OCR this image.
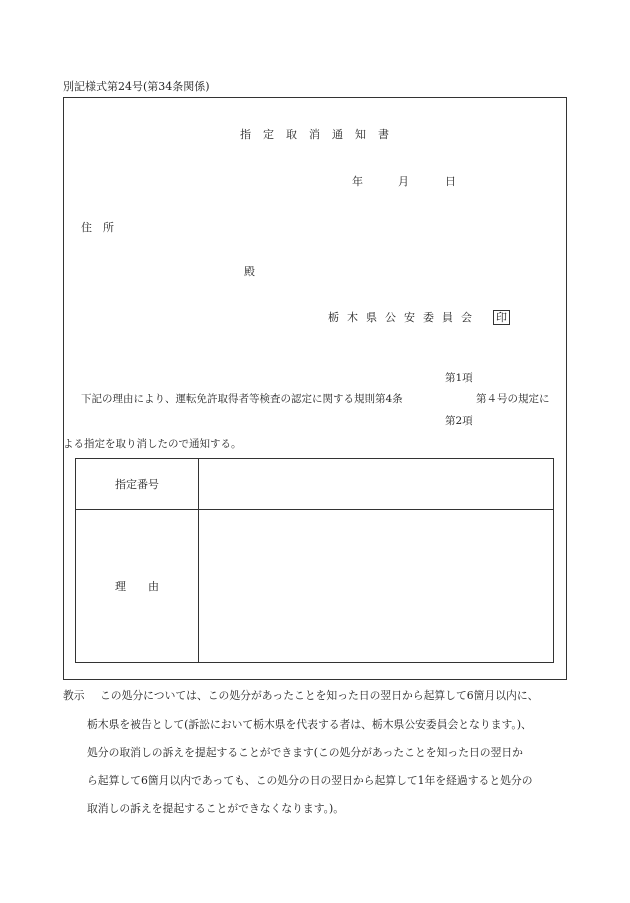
別記様式第24号(第34条関係)
指定取消通知書
年	月	日
住　所
殿
栃木県公安委員会 印
第1項
下記の理由により、運転免許取得者等検査の認定に関する規則第4条	第４号の規定に
第2項
よる指定を取り消したので通知する。
指定番号	
理　　由	
教示 この処分については、この処分があったことを知った日の翌日から起算して6箇月以内に、
栃木県を被告として(訴訟において栃木県を代表する者は、栃木県公安委員会となります。)、
処分の取消しの訴えを提起することができます(この処分があったことを知った日の翌日か
ら起算して6箇月以内であっても、この処分の日の翌日から起算して1年を経過すると処分の
取消しの訴えを提起することができなくなります。)。
